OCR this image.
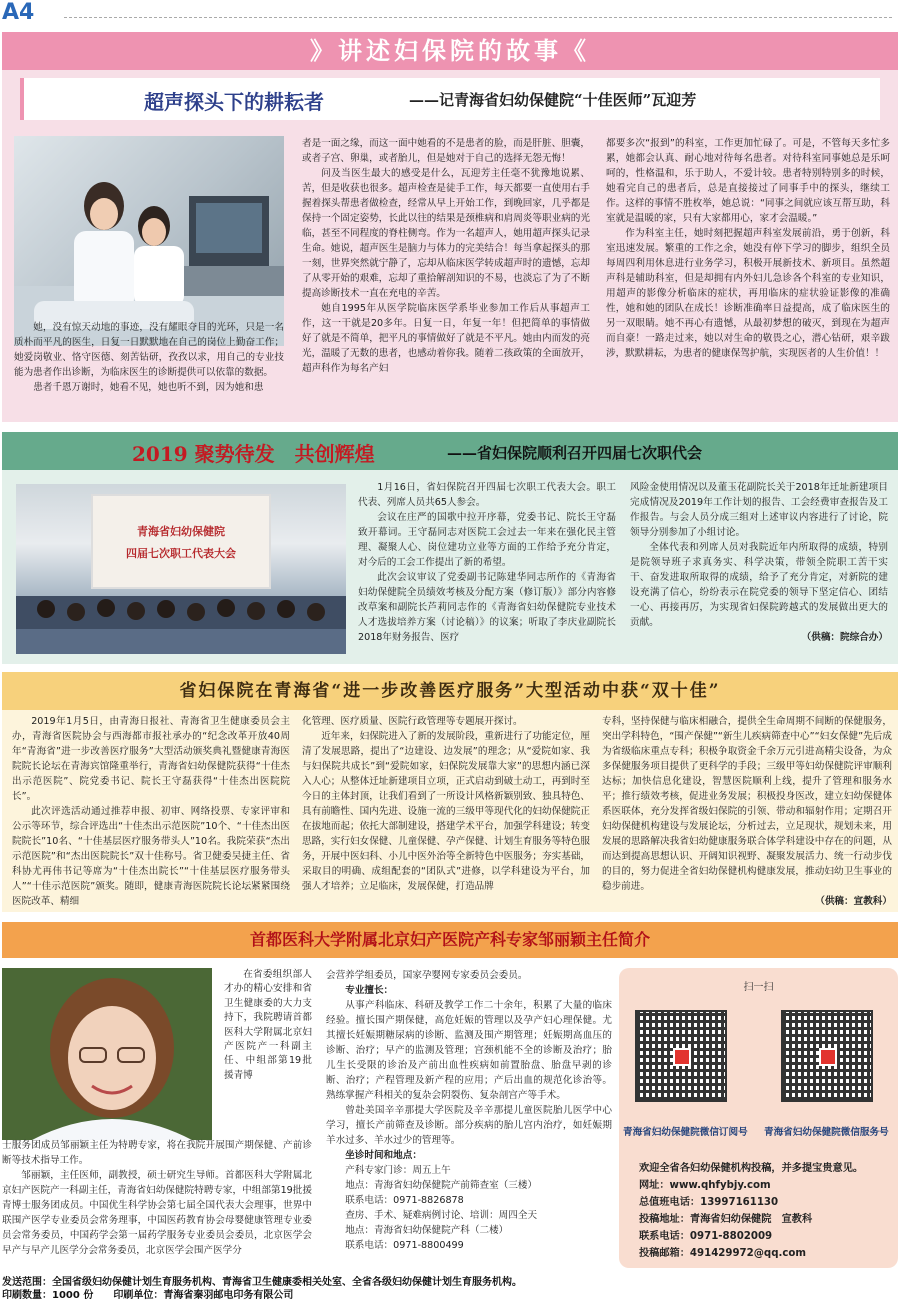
A4
》讲述妇保院的故事《
超声探头下的耕耘者	——记青海省妇幼保健院“十佳医师”瓦迎芳

她，没有惊天动地的事迹，没有耀眼夺目的光环，只是一名质朴而平凡的医生，日复一日默默地在自己的岗位上勤奋工作；她爱岗敬业、恪守医德、刻苦钻研，孜孜以求，用自己的专业技能为患者作出诊断，为临床医生的诊断提供可以依靠的数据。

患者千恩万谢时，她看不见，她也听不到，因为她和患

者是一面之缘，而这一面中她看的不是患者的脸，而是肝脏、胆囊，或者子宫、卵巢，或者胎儿，但是她对于自己的选择无怨无悔！

问及当医生最大的感受是什么，瓦迎芳主任毫不犹豫地说累、苦，但是收获也很多。超声检查是徒手工作，每天都要一直使用右手握着探头帮患者做检查，经常从早上开始工作，到晚回家，几乎都是保持一个固定姿势，长此以往的结果是颈椎病和肩周炎等职业病的光临，甚至不同程度的脊柱侧弯。作为一名超声人，她用超声探头记录生命。她说，超声医生是脑力与体力的完美结合！每当拿起探头的那一刻，世界突然就宁静了，忘却从临床医学转成超声时的遗憾，忘却了从零开始的艰难，忘却了重拾解剖知识的不易，也淡忘了为了不断提高诊断技术一直在充电的辛苦。

她自1995年从医学院临床医学系毕业参加工作后从事超声工作，这一干就是20多年。日复一日，年复一年！但把简单的事情做好了就是不简单，把平凡的事情做好了就是不平凡。她由内而发的亮光，温暖了无数的患者，也感动着你我。随着二孩政策的全面放开，超声科作为每名产妇

都要多次“报到”的科室，工作更加忙碌了。可是，不管每天多忙多累，她都会认真、耐心地对待每名患者。对待科室同事她总是乐呵呵的，性格温和，乐于助人，不爱计较。患者特别特别多的时候，她看完自己的患者后，总是直接接过了同事手中的探头，继续工作。这样的事情不胜枚举，她总说：“同事之间就应该互帮互助，科室就是温暖的家，只有大家都用心，家才会温暖。”

作为科室主任，她时刻把握超声科室发展前沿，勇于创新，科室迅速发展。繁重的工作之余，她没有停下学习的脚步，组织全员每周四利用休息进行业务学习，积极开展新技术、新项目。虽然超声科是辅助科室，但是却拥有内外妇儿急诊各个科室的专业知识，用超声的影像分析临床的症状，再用临床的症状验证影像的准确性，她和她的团队在成长！诊断准确率日益提高，成了临床医生的另一双眼睛。她不再心有遗憾，从最初梦想的破灭，到现在为超声而自豪！一路走过来，她以对生命的敬畏之心，潜心钻研，艰辛跋涉，默默耕耘，为患者的健康保驾护航，实现医者的人生价值！！

2019 聚势待发　共创辉煌	——省妇保院顺利召开四届七次职代会
青海省妇幼保健院
四届七次职工代表大会

1月16日，省妇保院召开四届七次职工代表大会。职工代表、列席人员共65人参会。

会议在庄严的国歌中拉开序幕，党委书记、院长王守磊致开幕词。王守磊同志对医院工会过去一年来在强化民主管理、凝聚人心、岗位建功立业等方面的工作给予充分肯定，对今后的工会工作提出了新的希望。

此次会议审议了党委副书记陈建华同志所作的《青海省妇幼保健院全员绩效考核及分配方案（修订版）》部分内容修改草案和副院长芦莉同志作的《青海省妇幼保健院专业技术人才选拔培养方案（讨论稿）》的议案；听取了李庆业副院长2018年财务报告、医疗

风险金使用情况以及董玉花副院长关于2018年迁址新建项目完成情况及2019年工作计划的报告、工会经费审查报告及工作报告。与会人员分成三组对上述审议内容进行了讨论，院领导分别参加了小组讨论。

全体代表和列席人员对我院近年内所取得的成绩，特别是院领导班子求真务实、科学决策，带领全院职工苦干实干、奋发进取所取得的成绩，给予了充分肯定，对新院的建设充满了信心，纷纷表示在院党委的领导下坚定信心、团结一心、再接再厉，为实现省妇保院跨越式的发展做出更大的贡献。

（供稿：院综合办）
省妇保院在青海省“进一步改善医疗服务”大型活动中获“双十佳”

2019年1月5日，由青海日报社、青海省卫生健康委员会主办，青海省医院协会与西海都市报社承办的“纪念改革开放40周年“青海省”进一步改善医疗服务”大型活动颁奖典礼暨健康青海医院院长论坛在青海宾馆隆重举行，青海省妇幼保健院获得“十佳杰出示范医院”、院党委书记、院长王守磊获得“十佳杰出医院院长”。

此次评选活动通过推荐申报、初审、网络投票、专家评审和公示等环节，综合评选出“十佳杰出示范医院”10个、“十佳杰出医院院长”10名、“十佳基层医疗服务带头人”10名。我院荣获“杰出示范医院”和“杰出医院院长”双十佳称号。省卫健委吴捷主任、省科协尤再伟书记等席为“十佳杰出院长”“十佳基层医疗服务带头人”“十佳示范医院”颁奖。随即，健康青海医院院长论坛紧紧围绕医院改革、精细

化管理、医疗质量、医院行政管理等专题展开探讨。

近年来，妇保院进入了新的发展阶段，重新进行了功能定位，厘清了发展思路，提出了“边建设、边发展”的理念；从“爱院如家、我与妇保院共成长”到“爱院如家，妇保院发展靠大家”的思想内涵已深入人心；从整体迁址新建项目立项，正式启动到破土动工，再到时至今日的主体封顶，让我们看到了一所设计风格新颖别致、独具特色、具有前瞻性、国内先进、设施一流的三级甲等现代化的妇幼保健院正在拔地而起；依托大部制建设，搭建学术平台，加强学科建设；转变思路，实行妇女保健、儿童保健、孕产保健、计划生育服务等特色服务，开展中医妇科、小儿中医外治等全新特色中医服务；夯实基础，采取目的明确、成组配套的“团队式”进修，以学科建设为平台，加强人才培养；立足临床，发展保健，打造品牌

专科，坚持保健与临床相融合，提供全生命周期不间断的保健服务，突出学科特色，“围产保健”“新生儿疾病筛查中心”“妇女保健”先后成为省级临床重点专科；积极争取资金千余万元引进高精尖设备，为众多保健服务项目提供了更科学的手段；三级甲等妇幼保健院评审顺利达标；加快信息化建设，智慧医院顺利上线，提升了管理和服务水平；推行绩效考核，促进业务发展；积极投身医改，建立妇幼保健体系医联体，充分发挥省级妇保院的引领、带动和辐射作用；定期召开妇幼保健机构建设与发展论坛，分析过去，立足现状，规划未来，用发展的思路解决我省妇幼健康服务联合体学科建设中存在的问题，从而达到提高思想认识、开阔知识视野、凝聚发展活力、统一行动步伐的目的，努力促进全省妇幼保健机构健康发展，推动妇幼卫生事业的稳步前进。

（供稿：宣教科）
首都医科大学附属北京妇产医院产科专家邹丽颖主任简介

在省委组织部人才办的精心安排和省卫生健康委的大力支持下，我院聘请首都医科大学附属北京妇产医院产一科副主任、中组部第19批援青博

士服务团成员邹丽颖主任为特聘专家，将在我院开展围产期保健、产前诊断等技术指导工作。

邹丽颖，主任医师，副教授，硕士研究生导师。首都医科大学附属北京妇产医院产一科副主任，青海省妇幼保健院特聘专家，中组部第19批援青博士服务团成员。中国优生科学协会第七届全国代表大会理事，世界中联围产医学专业委员会常务理事，中国医药教育协会母婴健康管理专业委员会常务委员，中国药学会第一届药学服务专业委员会委员，北京医学会早产与早产儿医学分会常务委员，北京医学会围产医学分

会营养学组委员，国家孕婴网专家委员会委员。

专业擅长：

从事产科临床、科研及教学工作二十余年，积累了大量的临床经验。擅长围产期保健，高危妊娠的管理以及孕产妇心理保健。尤其擅长妊娠期糖尿病的诊断、监测及围产期管理；妊娠期高血压的诊断、治疗；早产的监测及管理；宫颈机能不全的诊断及治疗；胎儿生长受限的诊治及产前出血性疾病如前置胎盘、胎盘早剥的诊断、治疗；产程管理及新产程的应用；产后出血的规范化诊治等。熟练掌握产科相关的复杂会阴裂伤、复杂剖宫产等手术。

曾赴美国辛辛那提大学医院及辛辛那提儿童医院胎儿医学中心学习，擅长产前筛查及诊断。部分疾病的胎儿宫内治疗，如妊娠期羊水过多、羊水过少的管理等。

坐诊时间和地点：

产科专家门诊：周五上午

地点：青海省妇幼保健院产前筛查室（三楼）

联系电话：0971-8826878

查房、手术、疑难病例讨论、培训：周四全天

地点：青海省妇幼保健院产科（二楼）

联系电话：0971-8800499

扫一扫
青海省妇幼保健院微信订阅号 青海省妇幼保健院微信服务号
欢迎全省各妇幼保健机构投稿，并多提宝贵意见。
网址：www.qhfybjy.com
总值班电话：13997161130
投稿地址：青海省妇幼保健院　宣教科
联系电话：0971-8802009
投稿邮箱：491429972@qq.com
发送范围：全国省级妇幼保健计划生育服务机构、青海省卫生健康委相关处室、全省各级妇幼保健计划生育服务机构。
印刷数量：1000 份　　印刷单位：青海省秦羽邮电印务有限公司
